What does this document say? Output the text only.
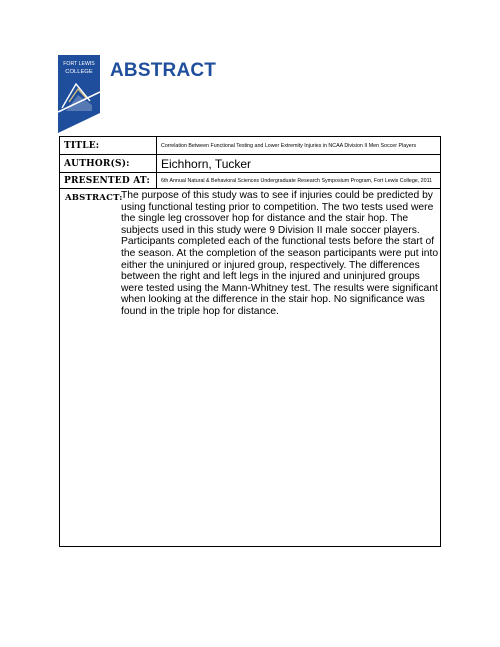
FORT LEWIS
COLLEGE ABSTRACT
TITLE:	Correlation Between Functional Testing and Lower Extremity Injuries in NCAA Division II Men Soccer Players
AUTHOR(S):	Eichhorn, Tucker
PRESENTED AT:	6th Annual Natural & Behavioral Sciences Undergraduate Research Symposium Program, Fort Lewis College, 2011
ABSTRACT:
The purpose of this study was to see if injuries could be predicted by using functional testing prior to competition. The two tests used were the single leg crossover hop for distance and the stair hop. The subjects used in this study were 9 Division II male soccer players. Participants completed each of the functional tests before the start of the season. At the completion of the season participants were put into either the uninjured or injured group, respectively. The differences between the right and left legs in the injured and uninjured groups were tested using the Mann-Whitney test. The results were significant when looking at the difference in the stair hop. No significance was found in the triple hop for distance.
